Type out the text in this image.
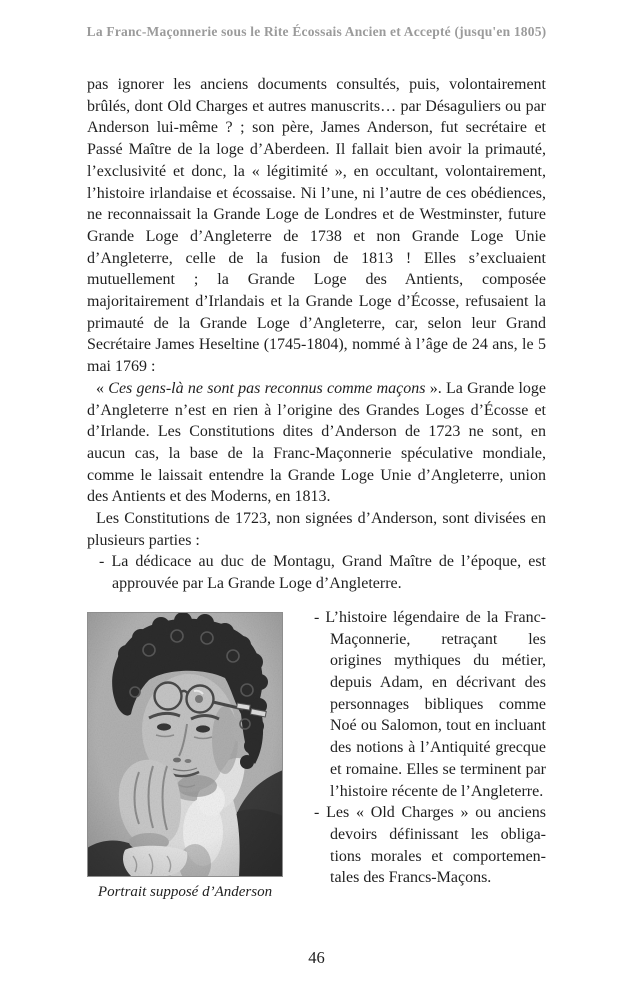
La Franc-Maçonnerie sous le Rite Écossais Ancien et Accepté (jusqu'en 1805)

pas ignorer les anciens documents consultés, puis, volontairement brûlés, dont Old Charges et autres manuscrits… par Désaguliers ou par Anderson lui-même ? ; son père, James Anderson, fut secrétaire et Passé Maître de la loge d’Aberdeen. Il fallait bien avoir la primauté, l’exclusivité et donc, la « légitimité », en occultant, volontairement, l’histoire irlandaise et écossaise. Ni l’une, ni l’autre de ces obédiences, ne reconnaissait la Grande Loge de Londres et de Westminster, future Grande Loge d’Angleterre de 1738 et non Grande Loge Unie d’Angleterre, celle de la fusion de 1813 ! Elles s’excluaient mutuellement ; la Grande Loge des Antients, composée majoritairement d’Irlandais et la Grande Loge d’Écosse, refusaient la primauté de la Grande Loge d’Angleterre, car, selon leur Grand Secrétaire James Heseltine (1745-1804), nommé à l’âge de 24 ans, le 5 mai 1769 :

« Ces gens-là ne sont pas reconnus comme maçons ». La Grande loge d’Angleterre n’est en rien à l’origine des Grandes Loges d’Écosse et d’Irlande. Les Constitutions dites d’Anderson de 1723 ne sont, en aucun cas, la base de la Franc-Maçonnerie spéculative mondiale, comme le laissait entendre la Grande Loge Unie d’Angleterre, union des Antients et des Moderns, en 1813.

Les Constitutions de 1723, non signées d’Anderson, sont divisées en plusieurs parties :

- La dédicace au duc de Montagu, Grand Maître de l’époque, est approuvée par La Grande Loge d’Angleterre.
Portrait supposé d’Anderson
- L’histoire légendaire de la Franc-Maçonnerie, retraçant les origines mythiques du métier, depuis Adam, en décrivant des personnages bibliques comme Noé ou Salomon, tout en incluant des notions à l’Antiquité grecque et romaine. Elles se terminent par l’histoire récente de l’Angleterre.
- Les « Old Charges » ou anciens devoirs définissant les obligations morales et comportementales des Francs-Maçons.
46
